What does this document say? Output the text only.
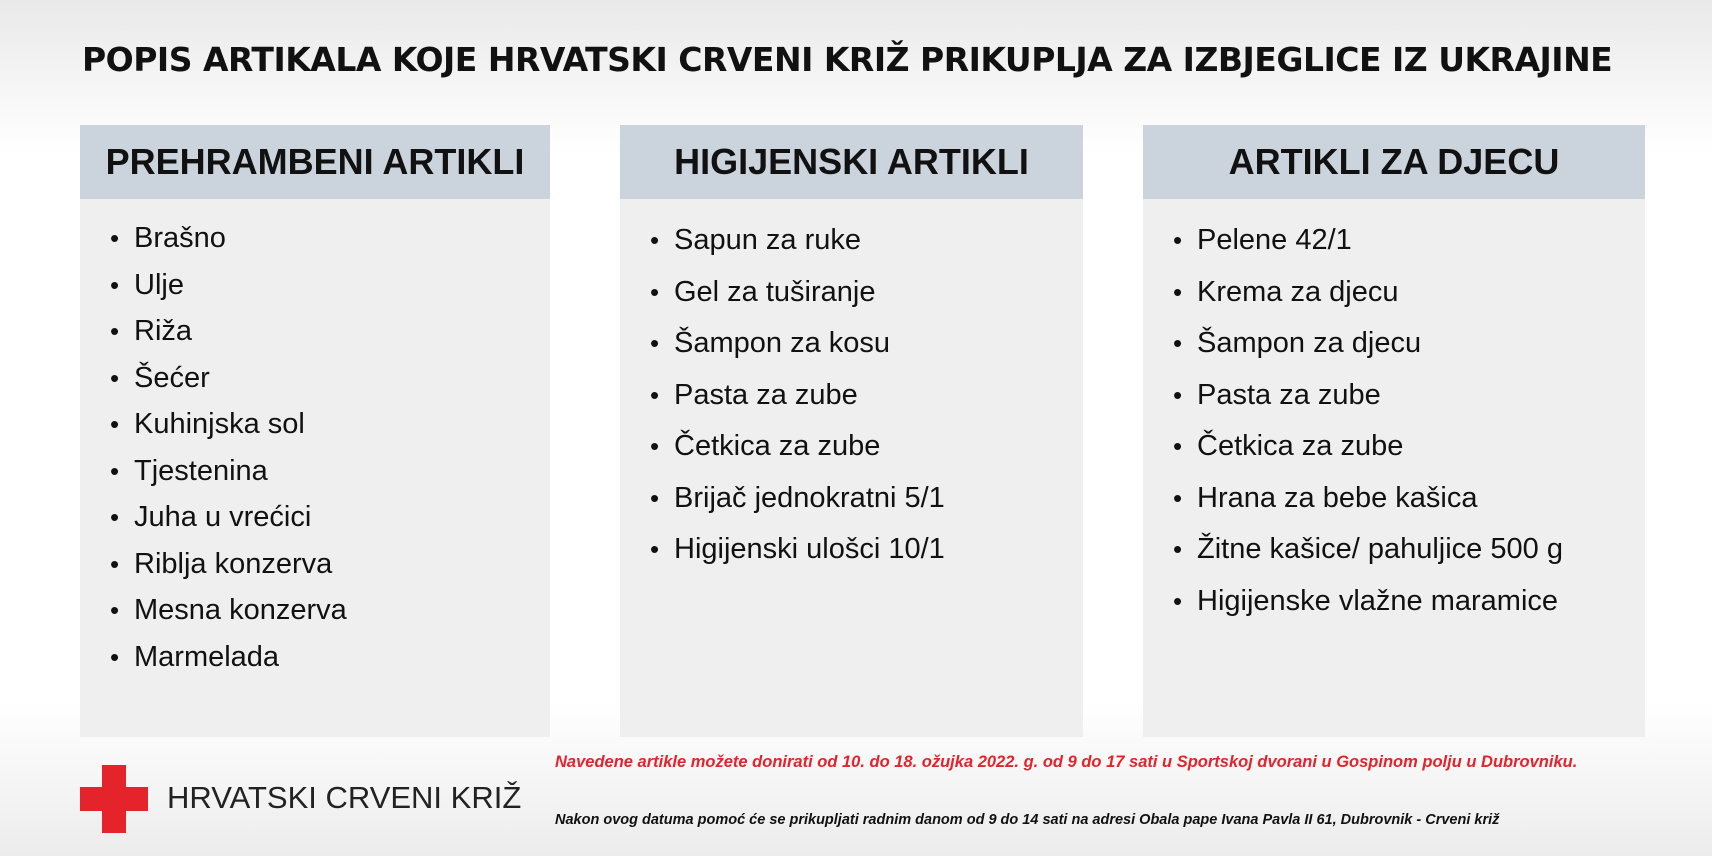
POPIS ARTIKALA KOJE HRVATSKI CRVENI KRIŽ PRIKUPLJA ZA IZBJEGLICE IZ UKRAJINE
PREHRAMBENI ARTIKLI
• Brašno
• Ulje
• Riža
• Šećer
• Kuhinjska sol
• Tjestenina
• Juha u vrećici
• Riblja konzerva
• Mesna konzerva
• Marmelada
HIGIJENSKI ARTIKLI
• Sapun za ruke
• Gel za tuširanje
• Šampon za kosu
• Pasta za zube
• Četkica za zube
• Brijač jednokratni 5/1
• Higijenski ulošci 10/1
ARTIKLI ZA DJECU
• Pelene 42/1
• Krema za djecu
• Šampon za djecu
• Pasta za zube
• Četkica za zube
• Hrana za bebe kašica
• Žitne kašice/ pahuljice 500 g
• Higijenske vlažne maramice
HRVATSKI CRVENI KRIŽ
Navedene artikle možete donirati od 10. do 18. ožujka 2022. g. od 9 do 17 sati u Sportskoj dvorani u Gospinom polju u Dubrovniku.
Nakon ovog datuma pomoć će se prikupljati radnim danom od 9 do 14 sati na adresi Obala pape Ivana Pavla II 61, Dubrovnik - Crveni križ
